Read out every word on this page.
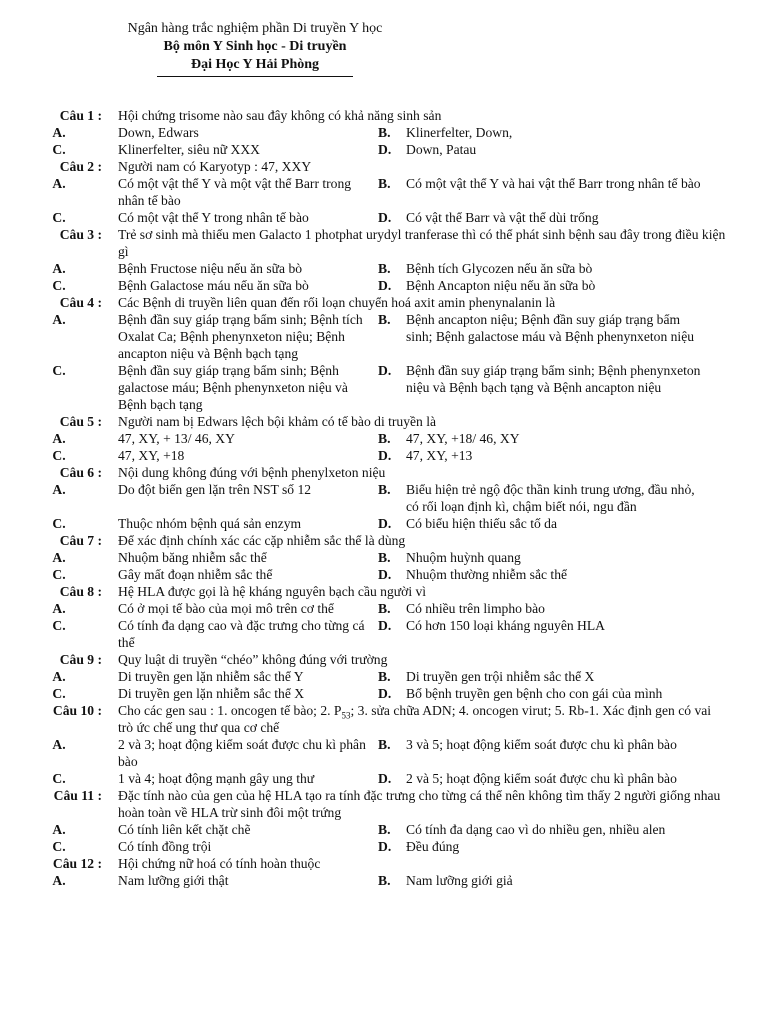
Ngân hàng trắc nghiệm phần Di truyền Y học
Bộ môn Y Sinh học - Di truyền
Đại Học Y Hải Phòng
Câu 1 : Hội chứng trisome nào sau đây không có khả năng sinh sản
A.	Down, Edwars	B.	Klinerfelter, Down,
C.	Klinerfelter, siêu nữ XXX	D.	Down, Patau
Câu 2 : Người nam có Karyotyp : 47, XXY
A.	Có một vật thể Y và một vật thể Barr trong nhân tế bào
B.	Có một vật thể Y và hai vật thể Barr trong nhân tế bào
C.	Có một vật thể Y trong nhân tế bào	D.	Có vật thể Barr và vật thể dùi trống
Câu 3 : Trẻ sơ sinh mà thiếu men Galacto 1 photphat urydyl tranferase thì có thể phát sinh bệnh sau đây trong điều kiện gì
A.	Bệnh Fructose niệu nếu ăn sữa bò	B.	Bệnh tích Glycozen nếu ăn sữa bò
C.	Bệnh Galactose máu nếu ăn sữa bò	D.	Bệnh Ancapton niệu nếu ăn sữa bò
Câu 4 : Các Bệnh di truyền liên quan đến rối loạn chuyển hoá axit amin phenynalanin là
A.	Bệnh đần suy giáp trạng bẩm sinh; Bệnh tích Oxalat Ca; Bệnh phenynxeton niệu; Bệnh ancapton niệu và Bệnh bạch tạng
B.	Bệnh ancapton niệu; Bệnh đần suy giáp trạng bẩm sinh; Bệnh galactose máu và Bệnh phenynxeton niệu
C.	Bệnh đần suy giáp trạng bẩm sinh; Bệnh galactose máu; Bệnh phenynxeton niệu và Bệnh bạch tạng
D.	Bệnh đần suy giáp trạng bẩm sinh; Bệnh phenynxeton niệu và Bệnh bạch tạng và Bệnh ancapton niệu
Câu 5 : Người nam bị Edwars lệch bội khảm có tế bào di truyền là
A.	47, XY, + 13/ 46, XY	B.	47, XY, +18/ 46, XY
C.	47, XY, +18	D.	47, XY, +13
Câu 6 : Nội dung không đúng với bệnh phenylxeton niệu
A.	Do đột biến gen lặn trên NST số 12	B.	Biểu hiện trẻ ngộ độc thần kinh trung ương, đầu nhỏ, có rối loạn định kì, chậm biết nói, ngu đần
C.	Thuộc nhóm bệnh quá sản enzym	D.	Có biểu hiện thiếu sắc tố da
Câu 7 : Để xác định chính xác các cặp nhiễm sắc thể là dùng
A.	Nhuộm băng nhiễm sắc thể	B.	Nhuộm huỳnh quang
C.	Gây mất đoạn nhiễm sắc thể	D.	Nhuộm thường nhiễm sắc thể
Câu 8 : Hệ HLA được gọi là hệ kháng nguyên bạch cầu người vì
A.	Có ở mọi tế bào của mọi mô trên cơ thể	B.	Có nhiều trên limpho bào
C.	Có tính đa dạng cao và đặc trưng cho từng cá thể
D.	Có hơn 150 loại kháng nguyên HLA
Câu 9 : Quy luật di truyền “chéo” không đúng với trường
A.	Di truyền gen lặn nhiễm sắc thể Y	B.	Di truyền gen trội nhiễm sắc thể X
C.	Di truyền gen lặn nhiễm sắc thể X	D.	Bố bệnh truyền gen bệnh cho con gái của mình
Câu 10 : Cho các gen sau : 1. oncogen tế bào; 2. $P_{53}$; 3. sửa chữa ADN; 4. oncogen virut; 5. Rb-1. Xác định gen có vai trò ức chế ung thư qua cơ chế
A.	2 và 3; hoạt động kiểm soát được chu kì phân bào
B.	3 và 5; hoạt động kiểm soát được chu kì phân bào
C.	1 và 4; hoạt động mạnh gây ung thư	D.	2 và 5; hoạt động kiểm soát được chu kì phân bào
Câu 11 : Đặc tính nào của gen của hệ HLA tạo ra tính đặc trưng cho từng cá thể nên không tìm thấy 2 người giống nhau hoàn toàn về HLA trừ sinh đôi một trứng
A.	Có tính liên kết chặt chẽ	B.	Có tính đa dạng cao vì do nhiều gen, nhiều alen
C.	Có tính đồng trội	D.	Đều đúng
Câu 12 : Hội chứng nữ hoá có tính hoàn thuộc
A.	Nam lưỡng giới thật	B.	Nam lưỡng giới giả
